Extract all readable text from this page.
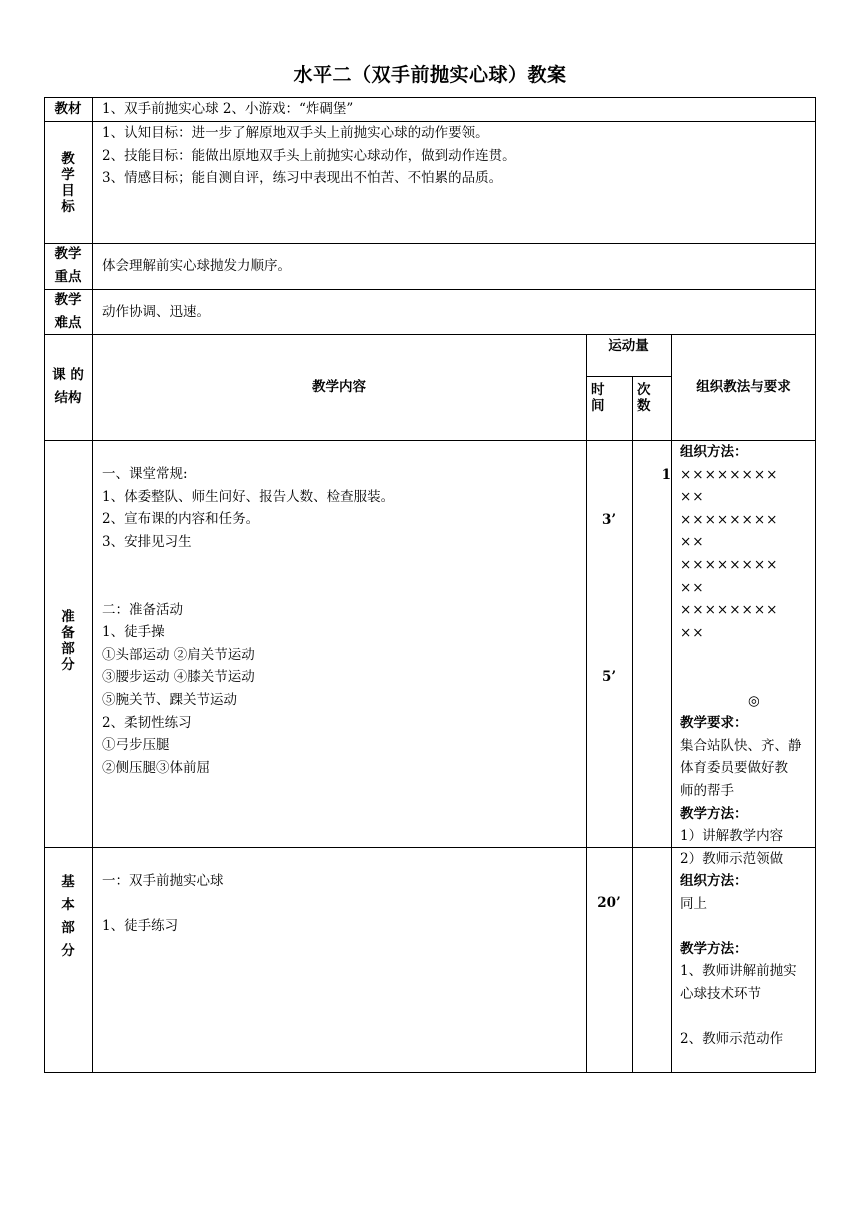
水平二（双手前抛实心球）教案
教材	1、双手前抛实心球 2、小游戏：“炸碉堡”
教
学
目
标
1、认知目标：进一步了解原地双手头上前抛实心球的动作要领。
2、技能目标：能做出原地双手头上前抛实心球动作，做到动作连贯。
3、情感目标；能自测自评，练习中表现出不怕苦、不怕累的品质。
教学
重点
体会理解前实心球抛发力顺序。
教学
难点
动作协调、迅速。
课 的
结构
教学内容
运动量
时
间
次
数
组织教法与要求
准
备
部
分
一、课堂常规:
1、体委整队、师生问好、报告人数、检查服装。
2、宣布课的内容和任务。
3、安排见习生
二：准备活动
1、徒手操
①头部运动 ②肩关节运动
③腰步运动 ④膝关节运动
⑤腕关节、踝关节运动
2、柔韧性练习
①弓步压腿
②侧压腿③体前屈
3’
5’
1
组织方法：
××××××××
××
××××××××
××
××××××××
××
××××××××
××
◎
教学要求：
集合站队快、齐、静
体育委员要做好教
师的帮手
教学方法：
1）讲解教学内容
2）教师示范领做
基
本
部
分
一：双手前抛实心球
1、徒手练习
20’
组织方法：
同上
教学方法：
1、教师讲解前抛实
心球技术环节
2、教师示范动作
